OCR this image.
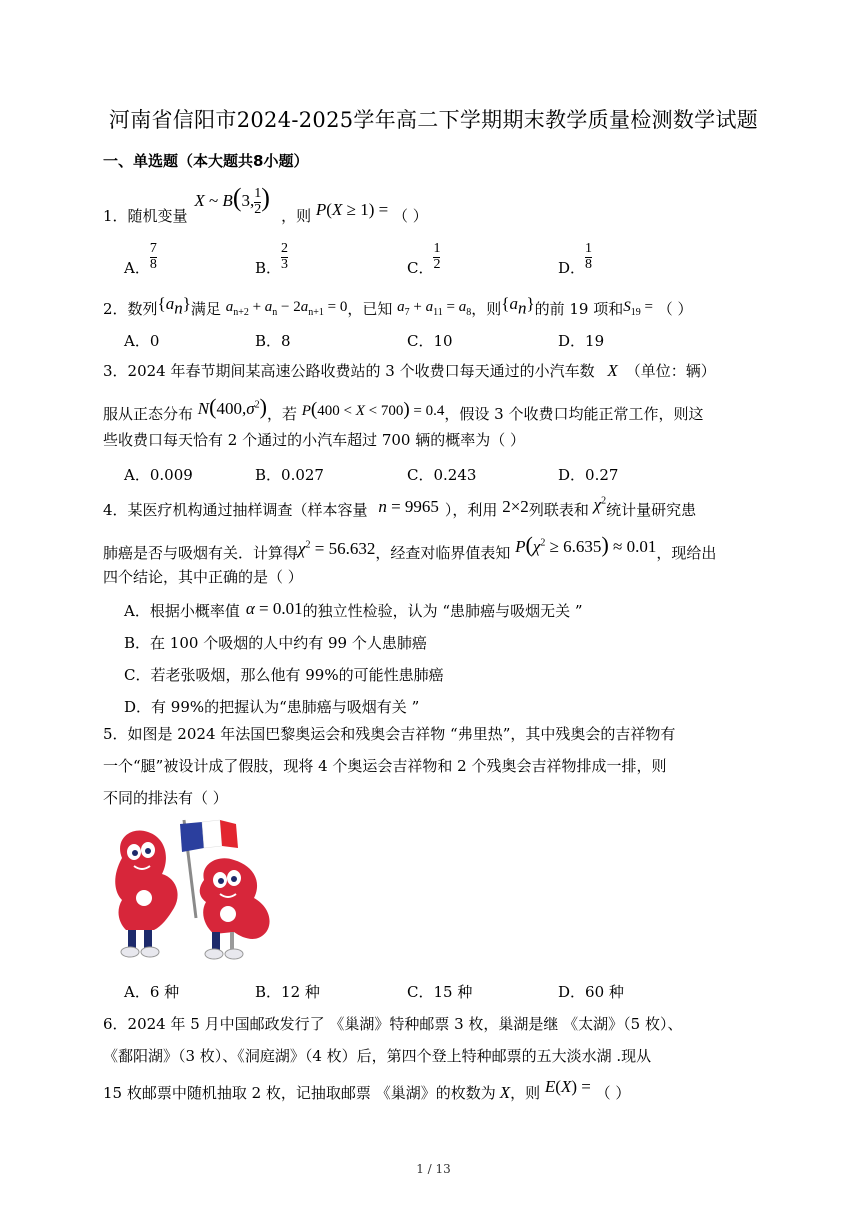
河南省信阳市2024-2025学年高二下学期期末教学质量检测数学试题
一、单选题（本大题共8小题）
1．随机变量
X ~ B(3, $\frac{1}{2}$ )
，则 P(X ≥ 1) = （ ）
A． $\frac{7}{8}$	B． $\frac{2}{3}$	C． $\frac{1}{2}$	D． $\frac{1}{8}$
2．数列$\{a_n\}$满足 $a_{n+2} + a_n - 2a_{n+1} = 0$，已知 $a_7 + a_{11} = a_8$，则$\{a_n\}$的前 19 项和$S_{19}$ = （ ）
A．0	B．8	C．10	D．19
3．2024 年春节期间某高速公路收费站的 3 个收费口每天通过的小汽车数 X （单位：辆）
服从正态分布 $N(400,\sigma^2)$，若 P(400 < X < 700) = 0.4，假设 3 个收费口均能正常工作，则这
些收费口每天恰有 2 个通过的小汽车超过 700 辆的概率为（ ）
A．0.009	B．0.027	C．0.243	D．0.27
4．某医疗机构通过抽样调查（样本容量 n = 9965 ），利用 2×2列联表和 $\chi^2$统计量研究患
肺癌是否与吸烟有关．计算得$\chi^2 = 56.632$，经查对临界值表知 $P(\chi^2 \ge 6.635) \approx 0.01$，现给出
四个结论，其中正确的是（ ）
A．根据小概率值 α = 0.01的独立性检验，认为 “患肺癌与吸烟无关 ”
B．在 100 个吸烟的人中约有 99 个人患肺癌
C．若老张吸烟，那么他有 99%的可能性患肺癌
D．有 99%的把握认为“患肺癌与吸烟有关 ”
5．如图是 2024 年法国巴黎奥运会和残奥会吉祥物 “弗里热”，其中残奥会的吉祥物有
一个“腿”被设计成了假肢，现将 4 个奥运会吉祥物和 2 个残奥会吉祥物排成一排，则
不同的排法有（ ）
A．6 种	B．12 种	C．15 种	D．60 种
6．2024 年 5 月中国邮政发行了 《巢湖》特种邮票 3 枚，巢湖是继 《太湖》（5 枚）、
《鄱阳湖》（3 枚）、《洞庭湖》（4 枚）后，第四个登上特种邮票的五大淡水湖 .现从
15 枚邮票中随机抽取 2 枚，记抽取邮票 《巢湖》的枚数为 X，则 E(X) = （ ）
1 / 13
